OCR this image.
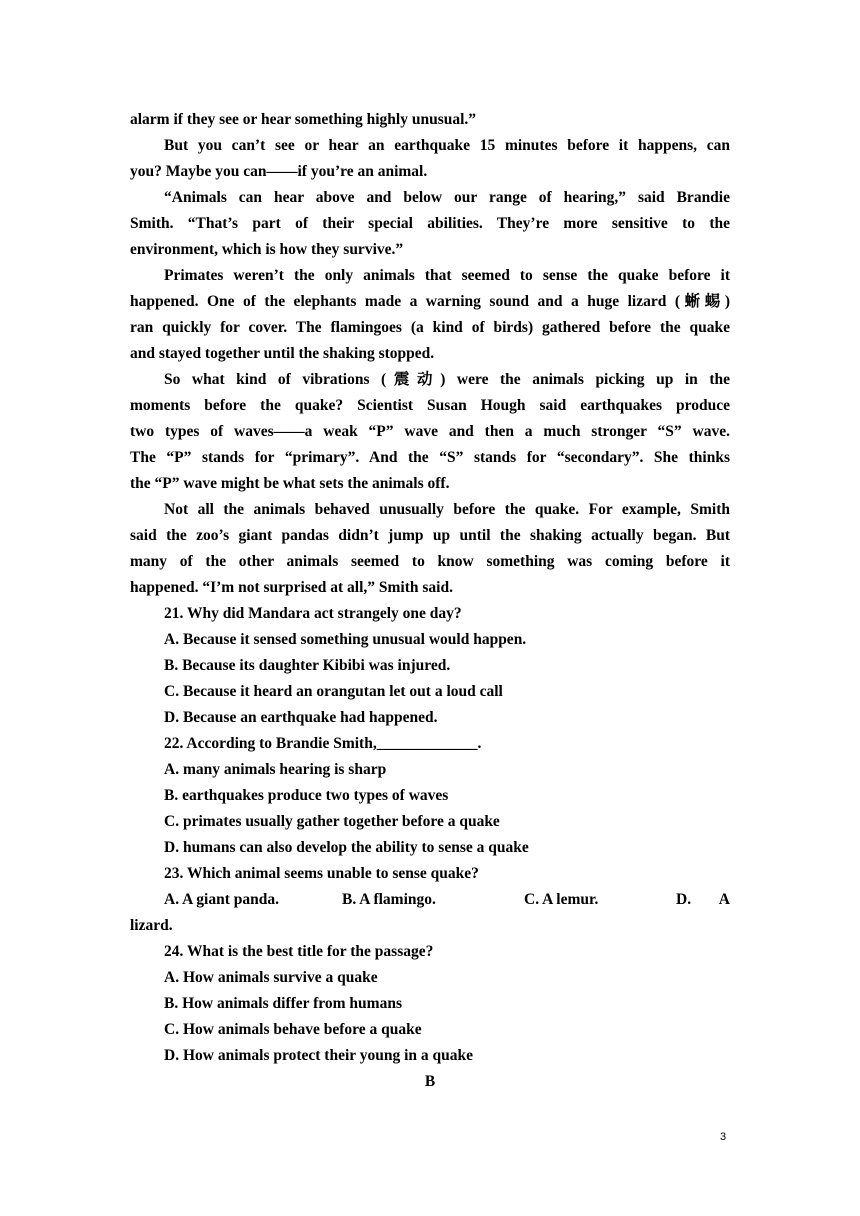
alarm if they see or hear something highly unusual.”
But you can’t see or hear an earthquake 15 minutes before it happens, can
you? Maybe you can——if you’re an animal.
“Animals can hear above and below our range of hearing,” said Brandie
Smith. “That’s part of their special abilities. They’re more sensitive to the
environment, which is how they survive.”
Primates weren’t the only animals that seemed to sense the quake before it
happened. One of the elephants made a warning sound and a huge lizard (蜥蜴)
ran quickly for cover. The flamingoes (a kind of birds) gathered before the quake
and stayed together until the shaking stopped.
So what kind of vibrations (震动) were the animals picking up in the
moments before the quake? Scientist Susan Hough said earthquakes produce
two types of waves——a weak “P” wave and then a much stronger “S” wave.
The “P” stands for “primary”. And the “S” stands for “secondary”. She thinks
the “P” wave might be what sets the animals off.
Not all the animals behaved unusually before the quake. For example, Smith
said the zoo’s giant pandas didn’t jump up until the shaking actually began. But
many of the other animals seemed to know something was coming before it
happened. “I’m not surprised at all,” Smith said.
21. Why did Mandara act strangely one day?
A. Because it sensed something unusual would happen.
B. Because its daughter Kibibi was injured.
C. Because it heard an orangutan let out a loud call
D. Because an earthquake had happened.
22. According to Brandie Smith,_____________.
A. many animals hearing is sharp
B. earthquakes produce two types of waves
C. primates usually gather together before a quake
D. humans can also develop the ability to sense a quake
23. Which animal seems unable to sense quake?
A. A giant panda.	B. A flamingo.	C. A lemur.	D.	A
lizard.
24. What is the best title for the passage?
A. How animals survive a quake
B. How animals differ from humans
C. How animals behave before a quake
D. How animals protect their young in a quake
B
3
